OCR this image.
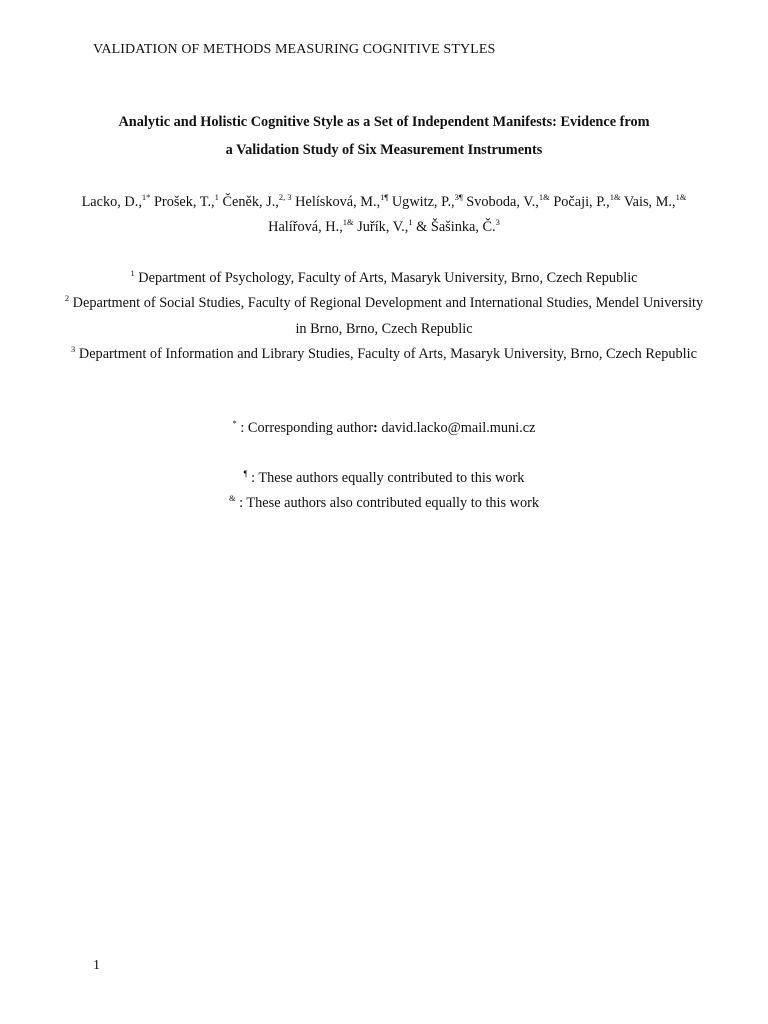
VALIDATION OF METHODS MEASURING COGNITIVE STYLES
Analytic and Holistic Cognitive Style as a Set of Independent Manifests: Evidence from
a Validation Study of Six Measurement Instruments
Lacko, D.,$^{1*}$ Prošek, T.,$^1$ Čeněk, J.,$^{2, 3}$ Helísková, M.,$^{1\P}$ Ugwitz, P.,$^{3\P}$ Svoboda, V.,$^{1\&}$ Počaji, P.,$^{1\&}$ Vais, M.,$^{1\&}$ Halířová, H.,$^{1\&}$ Juřík, V.,$^1$ & Šašinka, Č.$^3$
$^1$ Department of Psychology, Faculty of Arts, Masaryk University, Brno, Czech Republic
$^2$ Department of Social Studies, Faculty of Regional Development and International Studies, Mendel University in Brno, Brno, Czech Republic
$^3$ Department of Information and Library Studies, Faculty of Arts, Masaryk University, Brno, Czech Republic
* : Corresponding author: david.lacko@mail.muni.cz
¶ : These authors equally contributed to this work
& : These authors also contributed equally to this work
1
